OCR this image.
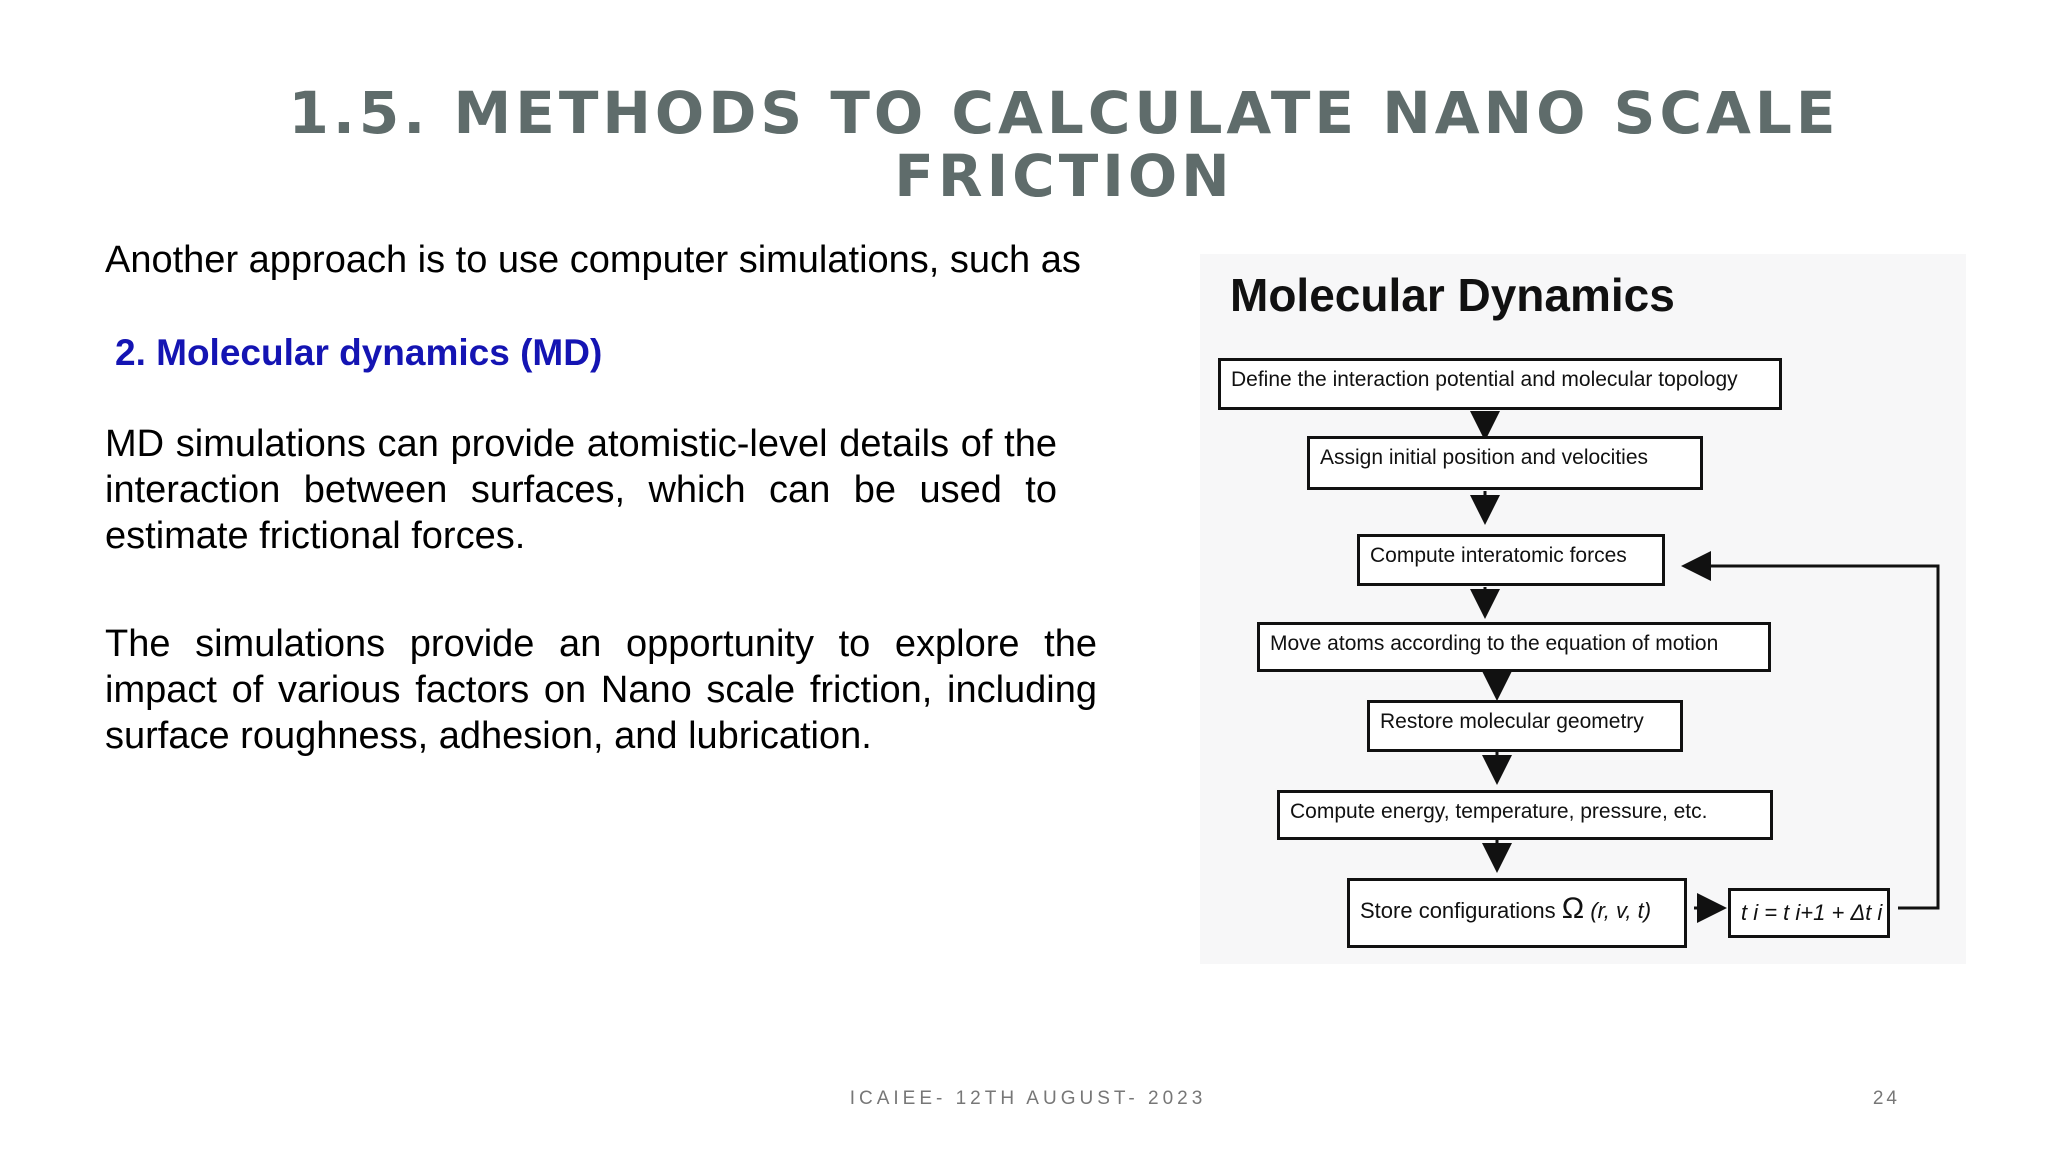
1.5. METHODS TO CALCULATE NANO SCALE FRICTION

Another approach is to use computer simulations, such as

2. Molecular dynamics (MD)

MD simulations can provide atomistic-level details of the interaction between surfaces, which can be used to estimate frictional forces.

The simulations provide an opportunity to explore the impact of various factors on Nano scale friction, including surface roughness, adhesion, and lubrication.

Molecular Dynamics

Define the interaction potential and molecular topology
Assign initial position and velocities
Compute interatomic forces
Move atoms according to the equation of motion
Restore molecular geometry
Compute energy, temperature, pressure, etc.
Store configurations Ω (r, v, t)	t i = t i+1 + Δt i
ICAIEE- 12TH AUGUST- 2023	24
